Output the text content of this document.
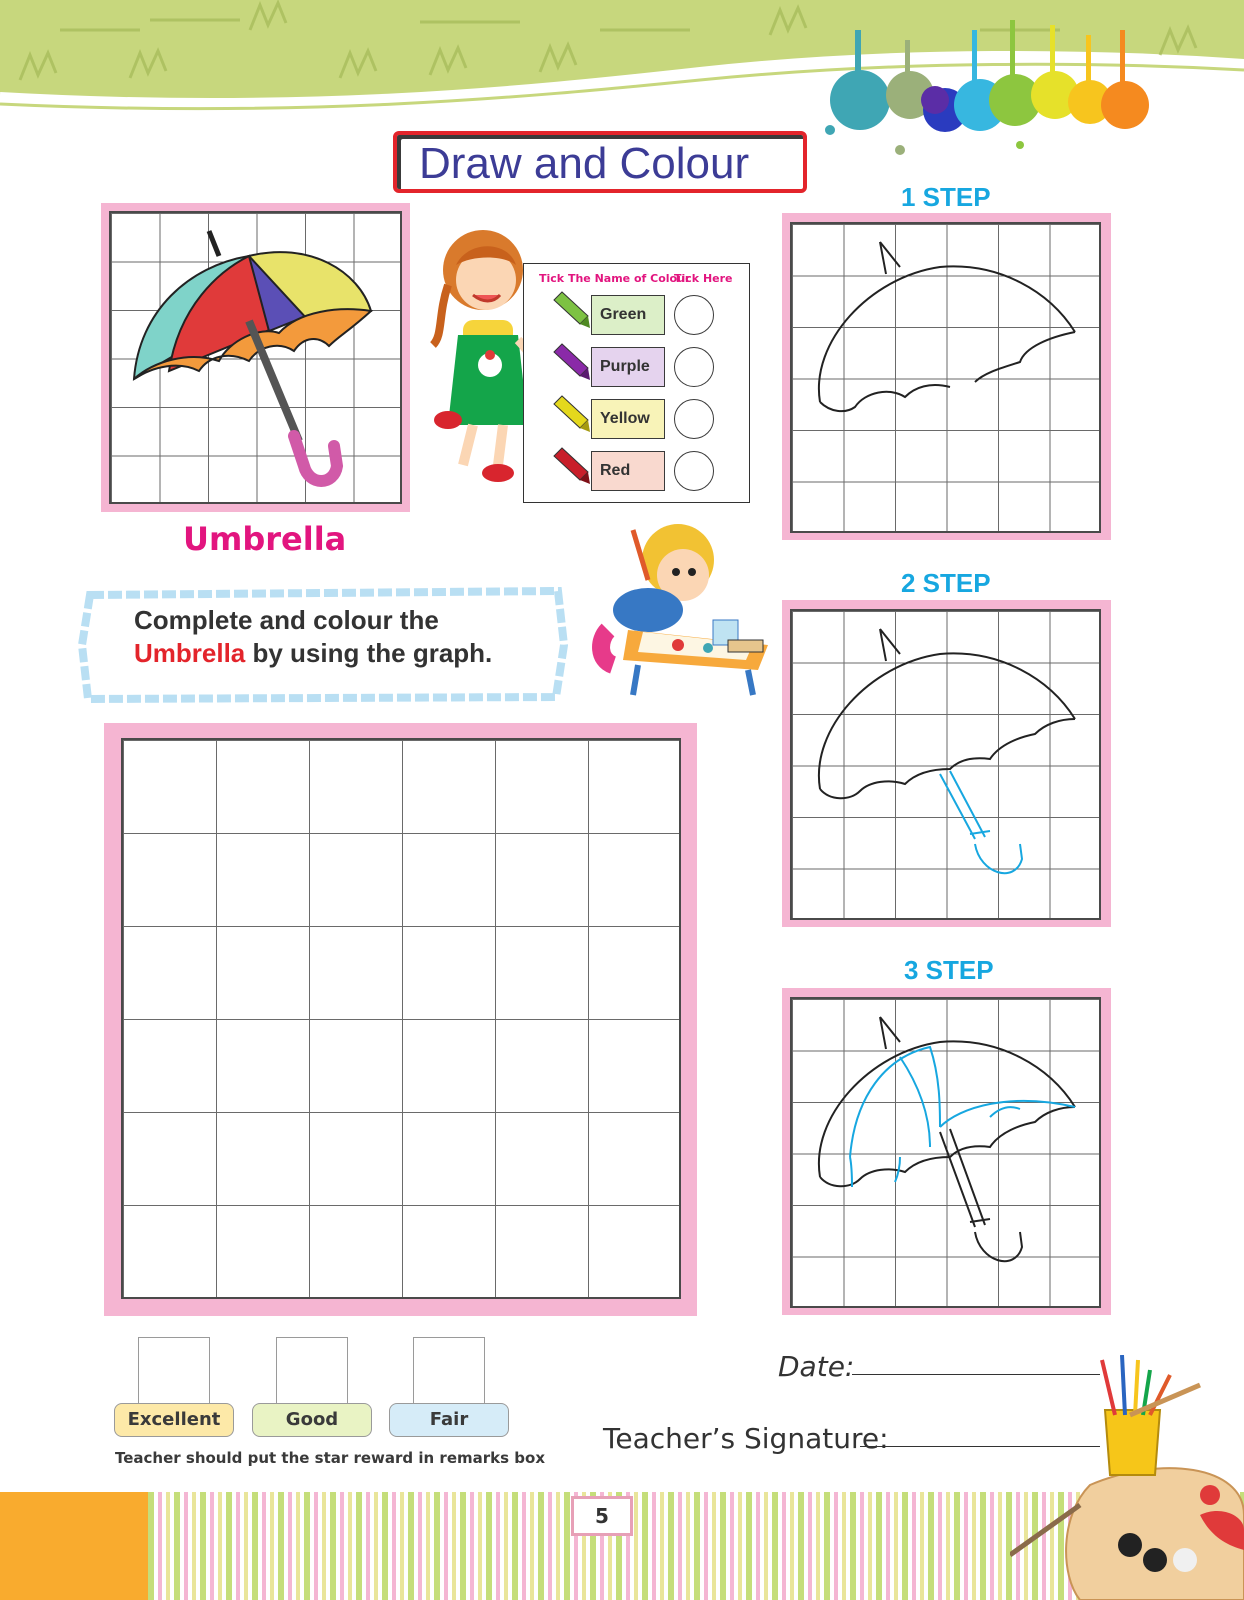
Draw and Colour
Umbrella
Tick The Name of Colour
Tick Here
Green
Purple
Yellow
Red
Complete and colour the
Umbrella by using the graph.
1 STEP
2 STEP
3 STEP
Excellent	Good	Fair
Teacher should put the star reward in remarks box
Date:
Teacher’s Signature:
5
